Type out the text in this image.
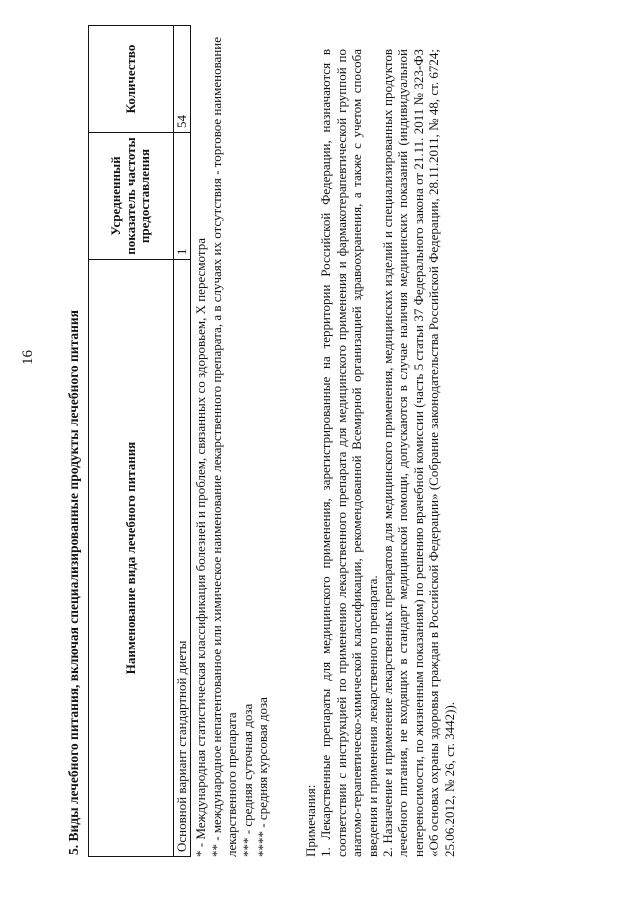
16 5. Виды лечебного питания, включая специализированные продукты лечебного питания	Наименование вида лечебного питания	Усредненный показатель частоты предоставления	Количество
Основной вариант стандартной диеты	1	54

* - Международная статистическая классификация болезней и проблем, связанных со здоровьем, X пересмотра ** - международное непатентованное или химическое наименование лекарственного препарата, а в случаях их отсутствия - торговое наименование лекарственного препарата *** - средняя суточная доза **** - средняя курсовая доза	Примечания: 1. Лекарственные препараты для медицинского применения, зарегистрированные на территории Российской Федерации, назначаются в соответствии с инструкцией по применению лекарственного препарата для медицинского применения и фармакотерапевтической группой по анатомо-терапевтическо-химической классификации, рекомендованной Всемирной организацией здравоохранения, а также с учетом способа введения и применения лекарственного препарата. 2. Назначение и применение лекарственных препаратов для медицинского применения, медицинских изделий и специализированных продуктов лечебного питания, не входящих в стандарт медицинской помощи, допускаются в случае наличия медицинских показаний (индивидуальной непереносимости, по жизненным показаниям) по решению врачебной комиссии (часть 5 статьи 37 Федерального закона от 21.11. 2011 № 323-ФЗ «Об основах охраны здоровья граждан в Российской Федерации» (Собрание законодательства Российской Федерации, 28.11.2011, № 48, ст. 6724; 25.06.2012, № 26, ст. 3442)).
